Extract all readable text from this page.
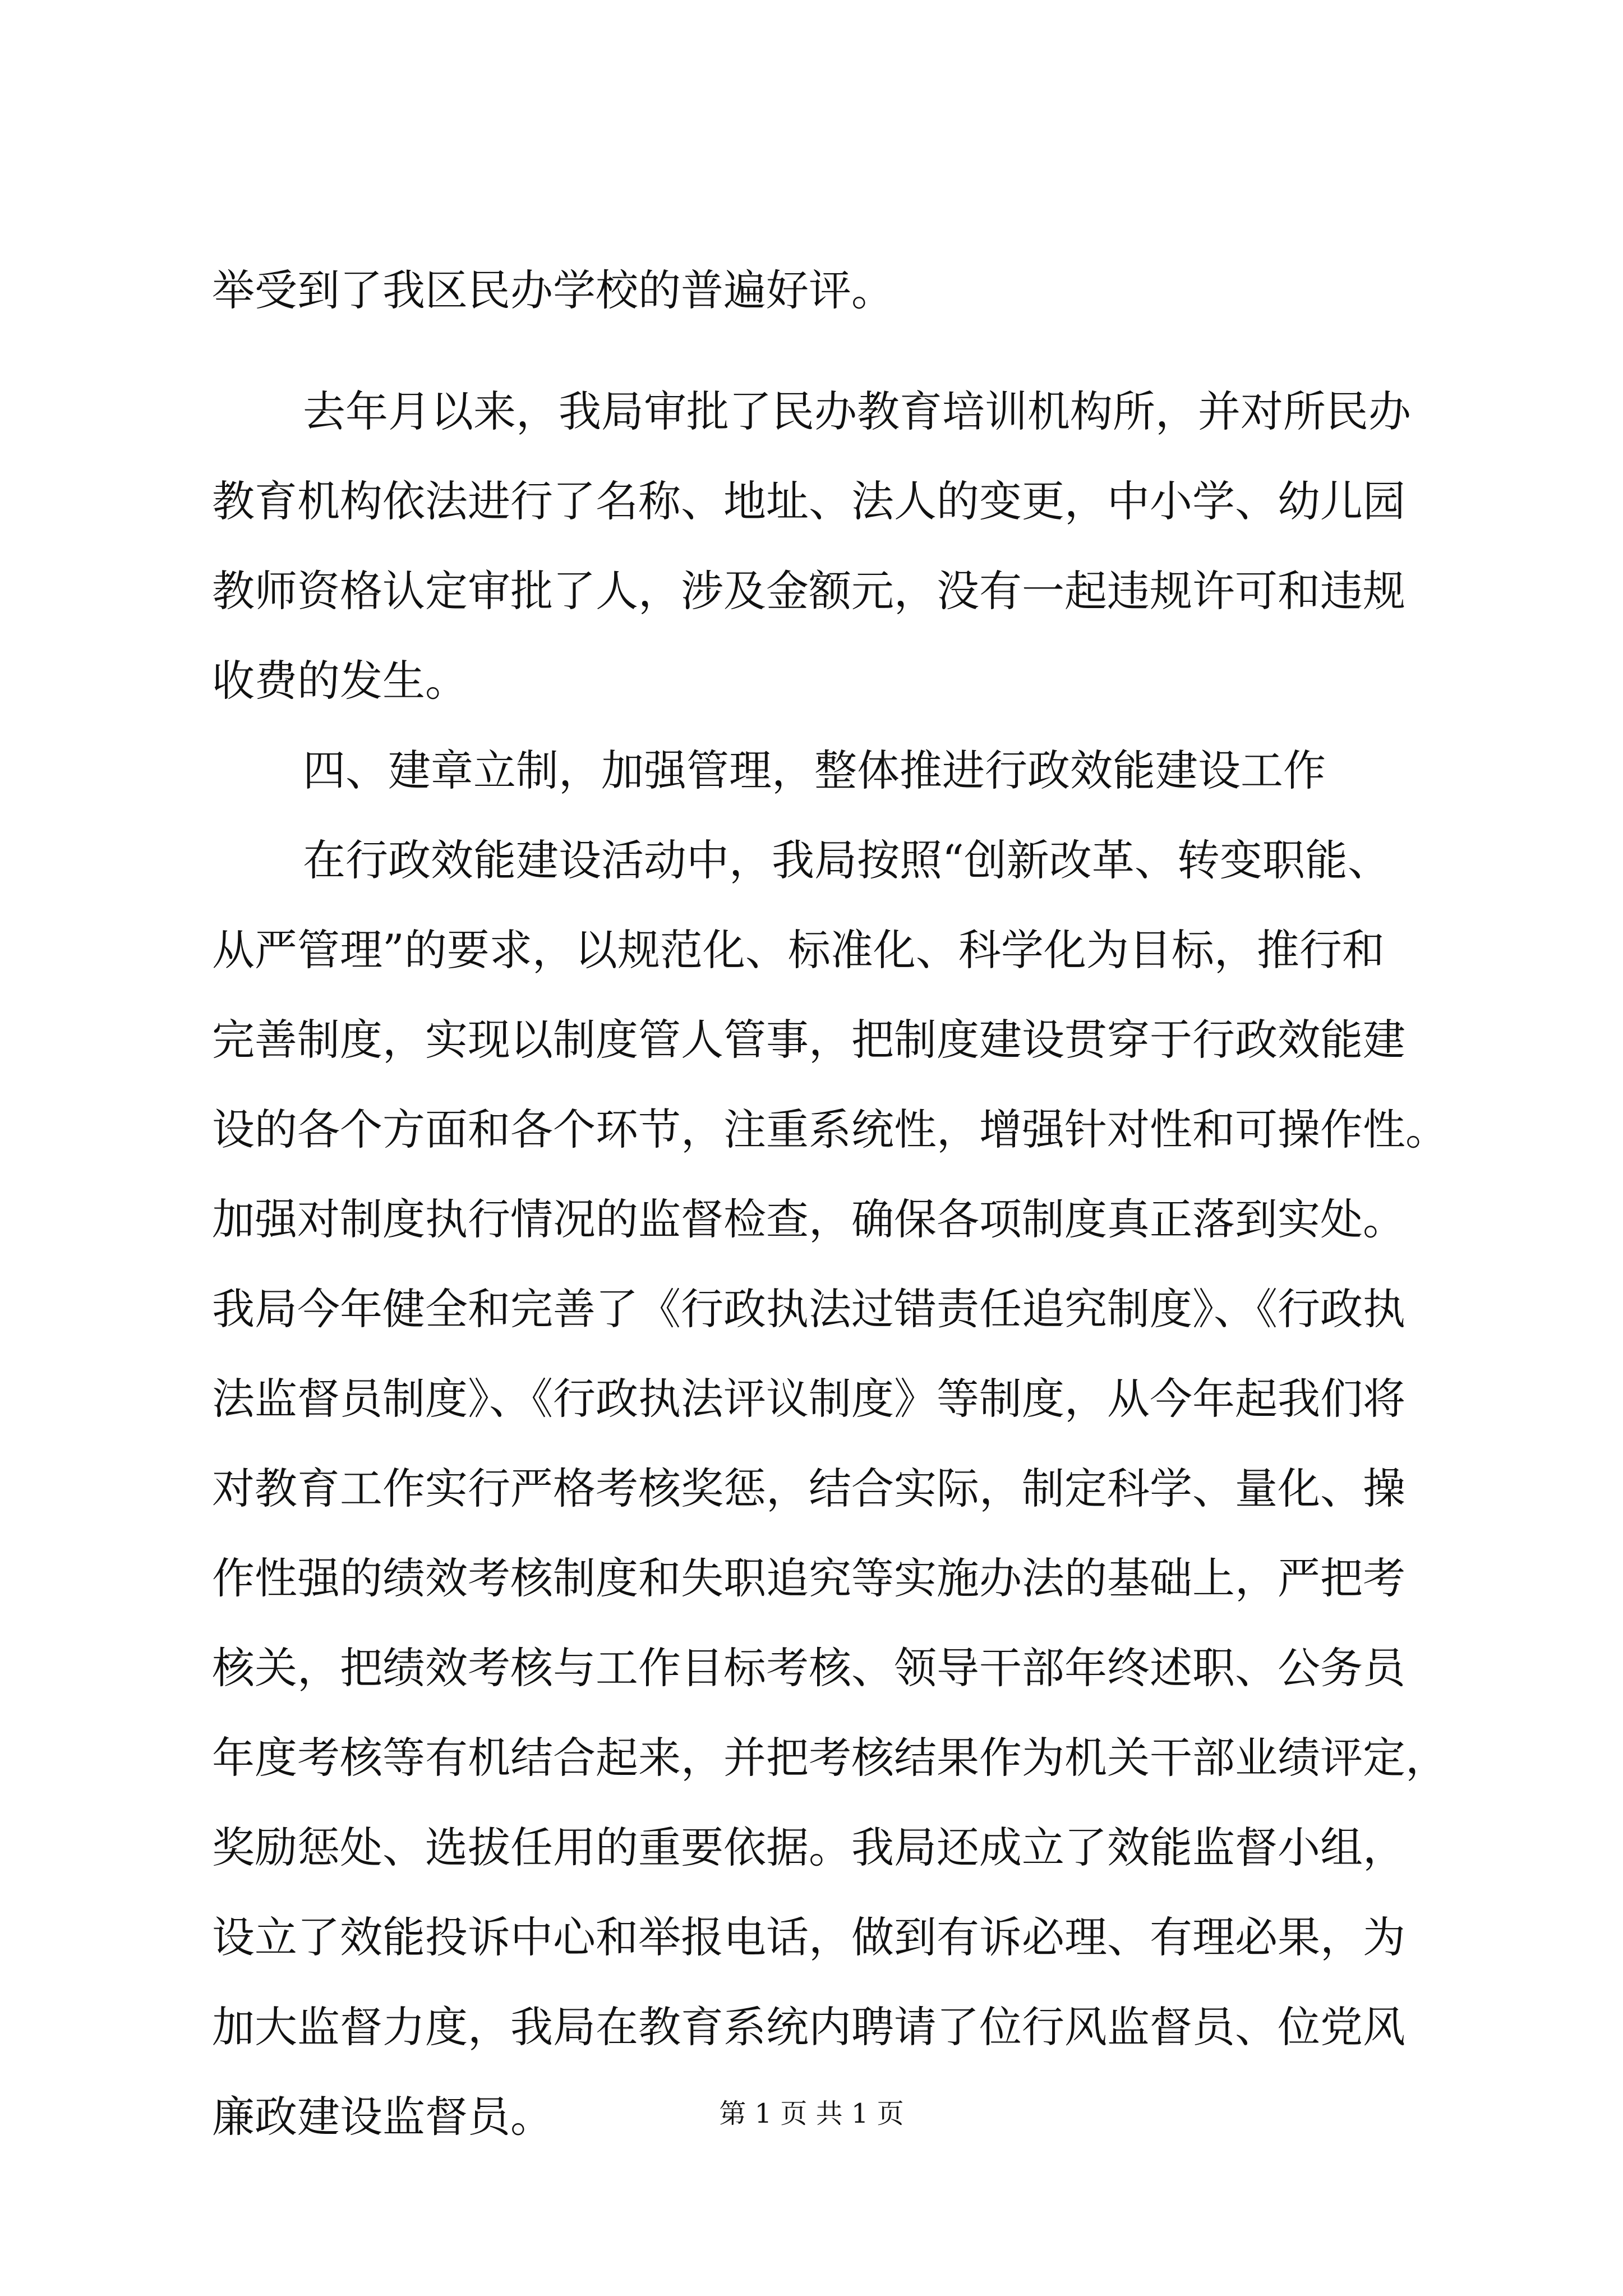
举受到了我区民办学校的普遍好评。
去年月以来，我局审批了民办教育培训机构所，并对所民办
教育机构依法进行了名称、地址、法人的变更，中小学、幼儿园
教师资格认定审批了人，涉及金额元，没有一起违规许可和违规
收费的发生。
四、建章立制，加强管理，整体推进行政效能建设工作
在行政效能建设活动中，我局按照“创新改革、转变职能、
从严管理”的要求，以规范化、标准化、科学化为目标，推行和
完善制度，实现以制度管人管事，把制度建设贯穿于行政效能建
设的各个方面和各个环节，注重系统性，增强针对性和可操作性。
加强对制度执行情况的监督检查，确保各项制度真正落到实处。
我局今年健全和完善了《行政执法过错责任追究制度》、《行政执
法监督员制度》、《行政执法评议制度》等制度，从今年起我们将
对教育工作实行严格考核奖惩，结合实际，制定科学、量化、操
作性强的绩效考核制度和失职追究等实施办法的基础上，严把考
核关，把绩效考核与工作目标考核、领导干部年终述职、公务员
年度考核等有机结合起来，并把考核结果作为机关干部业绩评定，
奖励惩处、选拔任用的重要依据。我局还成立了效能监督小组，
设立了效能投诉中心和举报电话，做到有诉必理、有理必果，为
加大监督力度，我局在教育系统内聘请了位行风监督员、位党风
廉政建设监督员。	第 1 页 共 1 页
